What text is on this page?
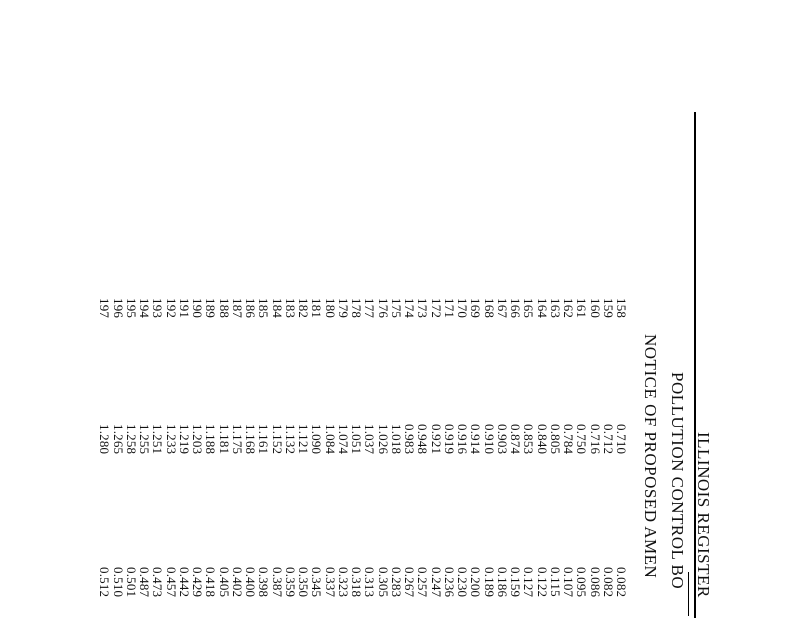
ILLINOIS REGISTER
POLLUTION CONTROL BO
NOTICE OF PROPOSED AMEN
158
0.710
0.082
159
0.712
0.082
160
0.716
0.086
161
0.750
0.095
162
0.784
0.107
163
0.805
0.115
164
0.840
0.122
165
0.853
0.127
166
0.874
0.159
167
0.903
0.186
168
0.910
0.189
169
0.914
0.200
170
0.916
0.230
171
0.919
0.236
172
0.921
0.247
173
0.948
0.257
174
0.983
0.267
175
1.018
0.283
176
1.026
0.305
177
1.037
0.313
178
1.051
0.318
179
1.074
0.323
180
1.084
0.337
181
1.090
0.345
182
1.121
0.350
183
1.132
0.359
184
1.152
0.387
185
1.161
0.398
186
1.168
0.400
187
1.175
0.402
188
1.181
0.405
189
1.188
0.418
190
1.203
0.429
191
1.219
0.442
192
1.233
0.457
193
1.251
0.473
194
1.255
0.487
195
1.258
0.501
196
1.265
0.510
197
1.280
0.512
